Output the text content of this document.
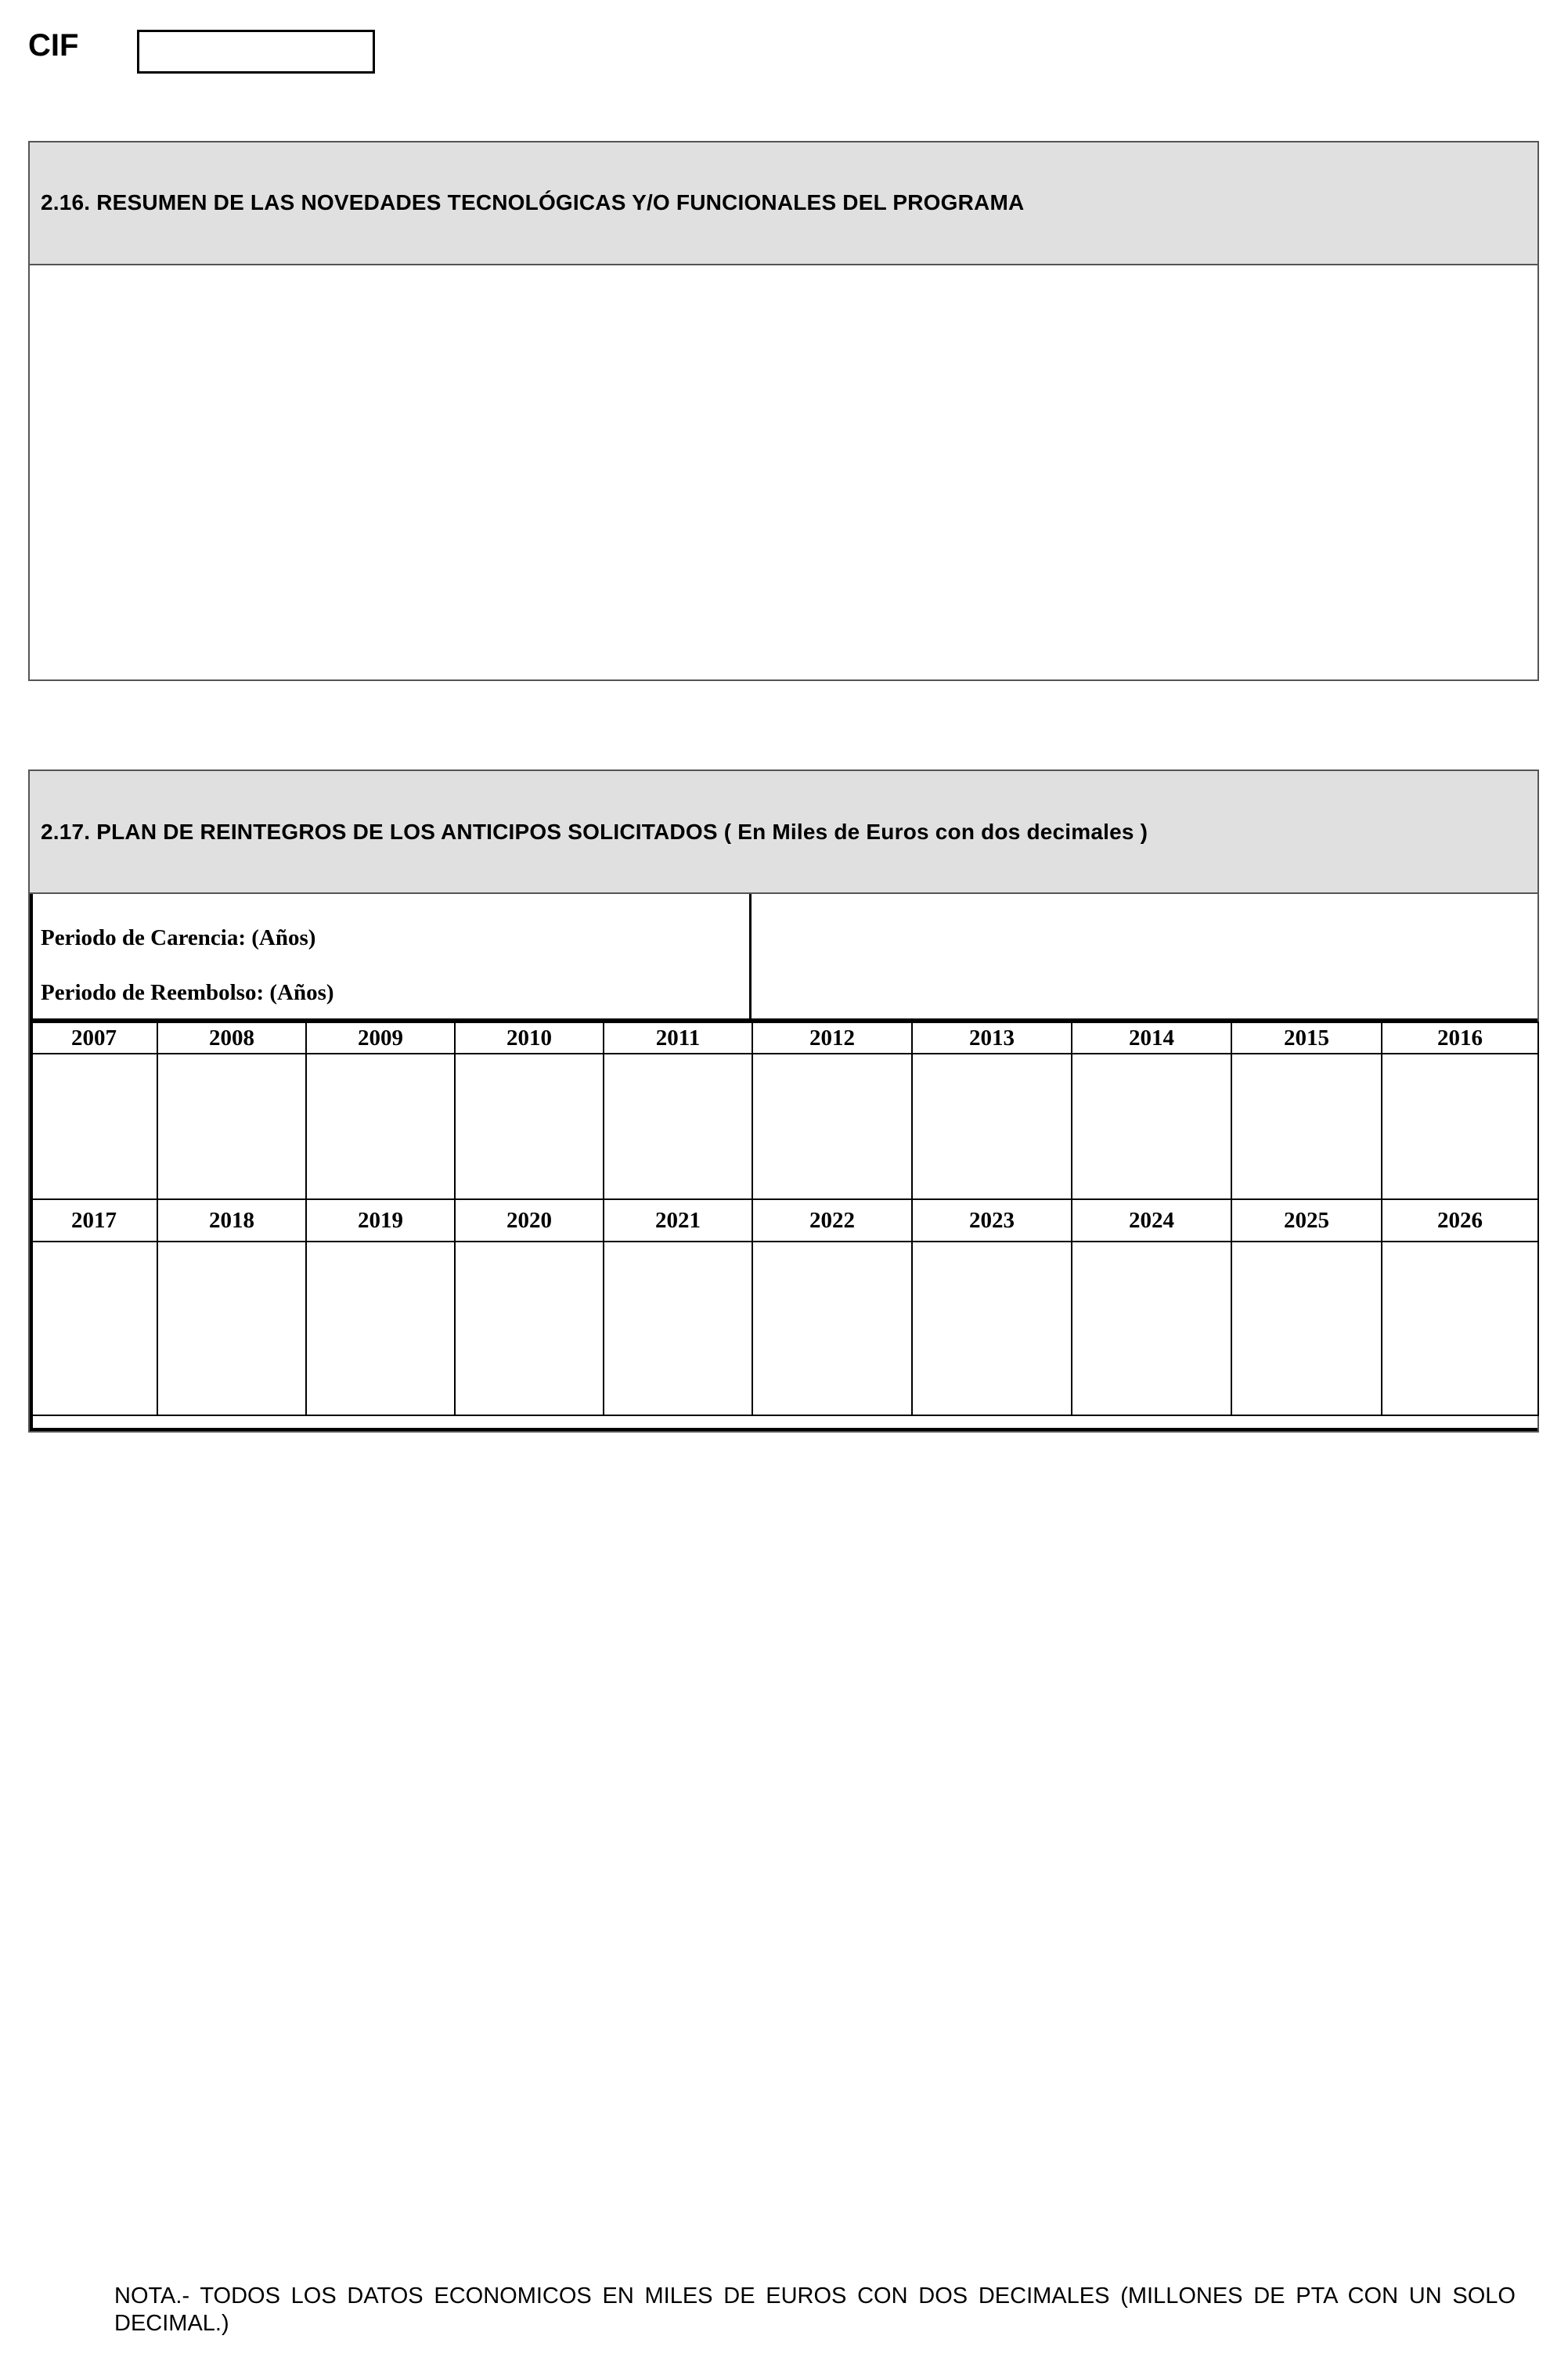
CIF
2.16. RESUMEN DE LAS NOVEDADES TECNOLÓGICAS Y/O FUNCIONALES DEL PROGRAMA
2.17. PLAN DE REINTEGROS DE LOS ANTICIPOS SOLICITADOS ( En Miles de Euros con dos decimales )
Periodo de Carencia: (Años)
Periodo de Reembolso: (Años)
2007	2008	2009	2010	2011	2012	2013	2014	2015	2016

2017	2018	2019	2020	2021	2022	2023	2024	2025	2026

NOTA.- TODOS LOS DATOS ECONOMICOS EN MILES DE EUROS CON DOS DECIMALES (MILLONES DE PTA CON UN SOLO DECIMAL.)
